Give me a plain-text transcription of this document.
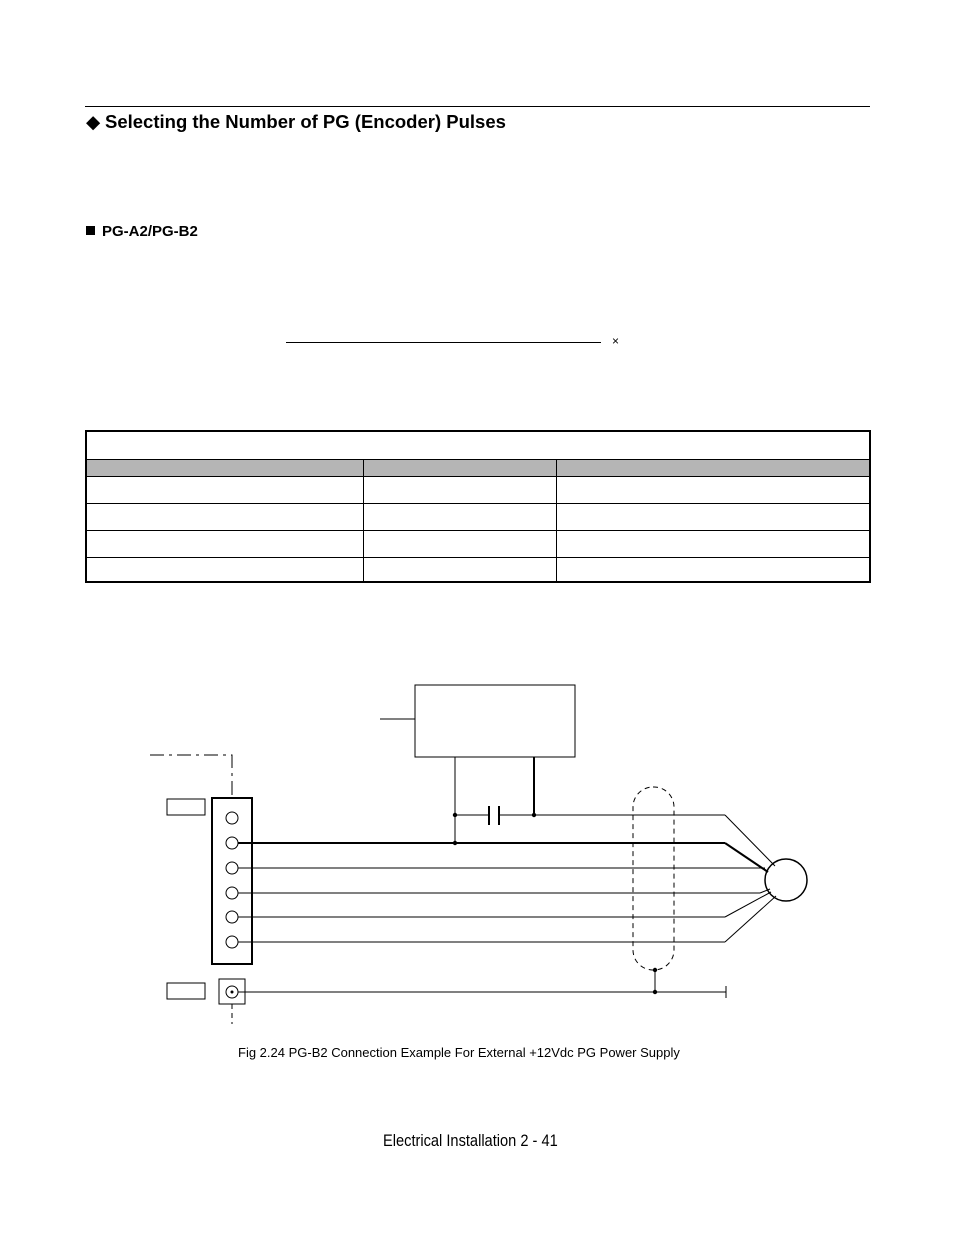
◆ Selecting the Number of PG (Encoder) Pulses
PG-A2/PG-B2
×
Fig 2.24 PG-B2 Connection Example For External +12Vdc PG Power Supply
Electrical Installation 2 - 41
